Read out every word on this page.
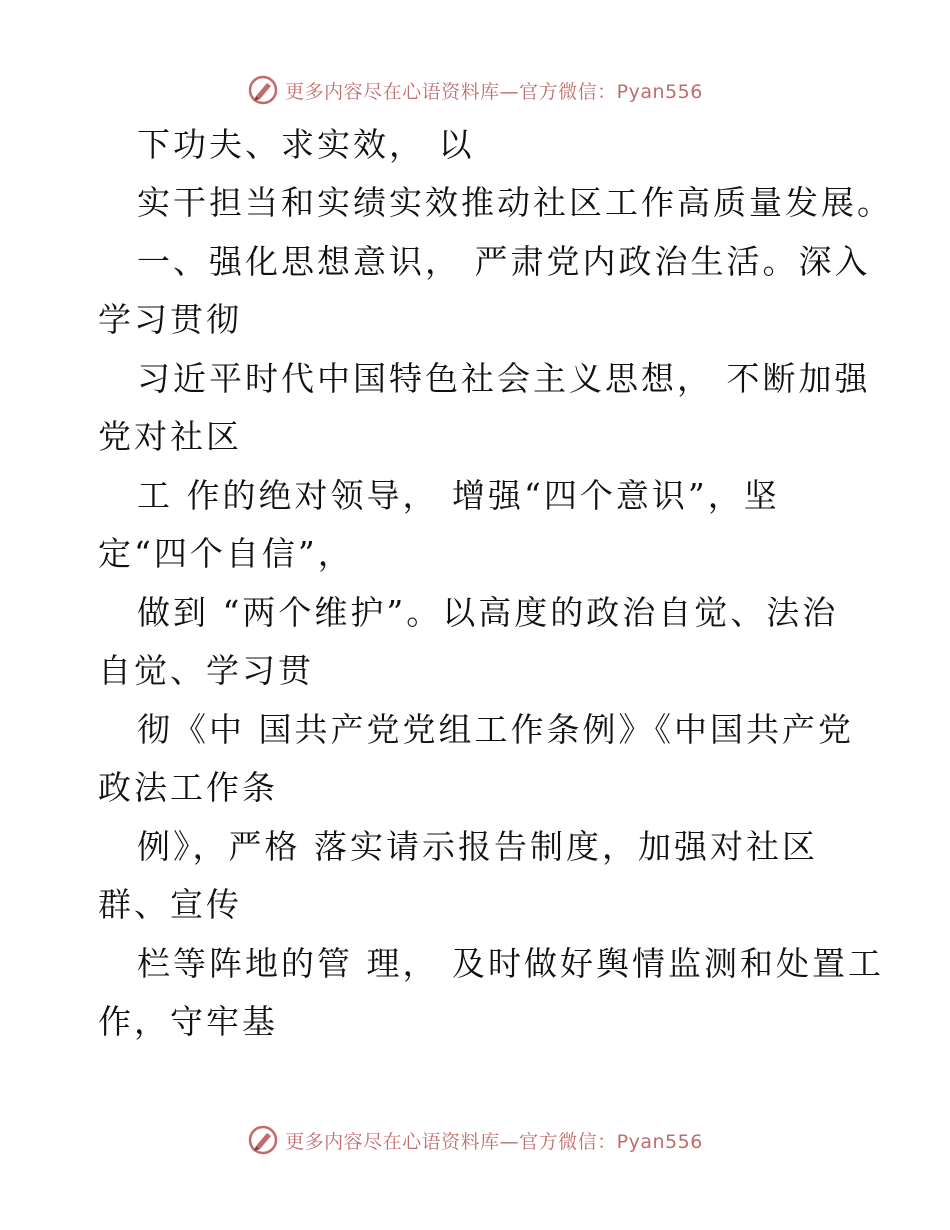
更多内容尽在心语资料库—官方微信：Pyan556
下功夫、求实效， 以
实干担当和实绩实效推动社区工作高质量发展。
一、强化思想意识， 严肃党内政治生活。深入
学习贯彻
习近平时代中国特色社会主义思想， 不断加强
党对社区
工 作的绝对领导， 增强“四个意识”，坚
定“四个自信”，
做到 “两个维护”。以高度的政治自觉、法治
自觉、学习贯
彻《中 国共产党党组工作条例》《中国共产党
政法工作条
例》，严格 落实请示报告制度，加强对社区
群、宣传
栏等阵地的管 理， 及时做好舆情监测和处置工
作，守牢基
更多内容尽在心语资料库—官方微信：Pyan556
